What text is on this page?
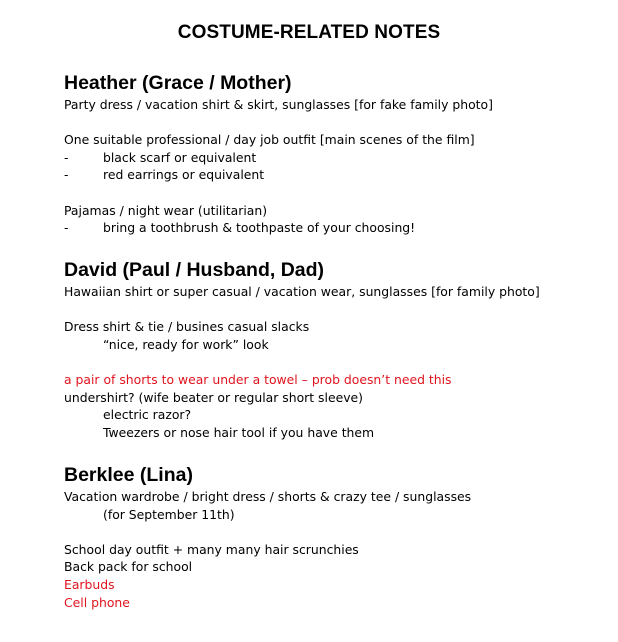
COSTUME-RELATED NOTES
Heather (Grace / Mother)
Party dress / vacation shirt & skirt, sunglasses [for fake family photo]
One suitable professional / day job outfit [main scenes of the film]
-	black scarf or equivalent
-	red earrings or equivalent
Pajamas / night wear (utilitarian)
-	bring a toothbrush & toothpaste of your choosing!
David (Paul / Husband, Dad)
Hawaiian shirt or super casual / vacation wear, sunglasses [for family photo]
Dress shirt & tie / busines casual slacks
“nice, ready for work” look
a pair of shorts to wear under a towel – prob doesn’t need this
undershirt? (wife beater or regular short sleeve)
electric razor?
Tweezers or nose hair tool if you have them
Berklee (Lina)
Vacation wardrobe / bright dress / shorts & crazy tee / sunglasses
(for September 11th)
School day outfit + many many hair scrunchies
Back pack for school
Earbuds
Cell phone
